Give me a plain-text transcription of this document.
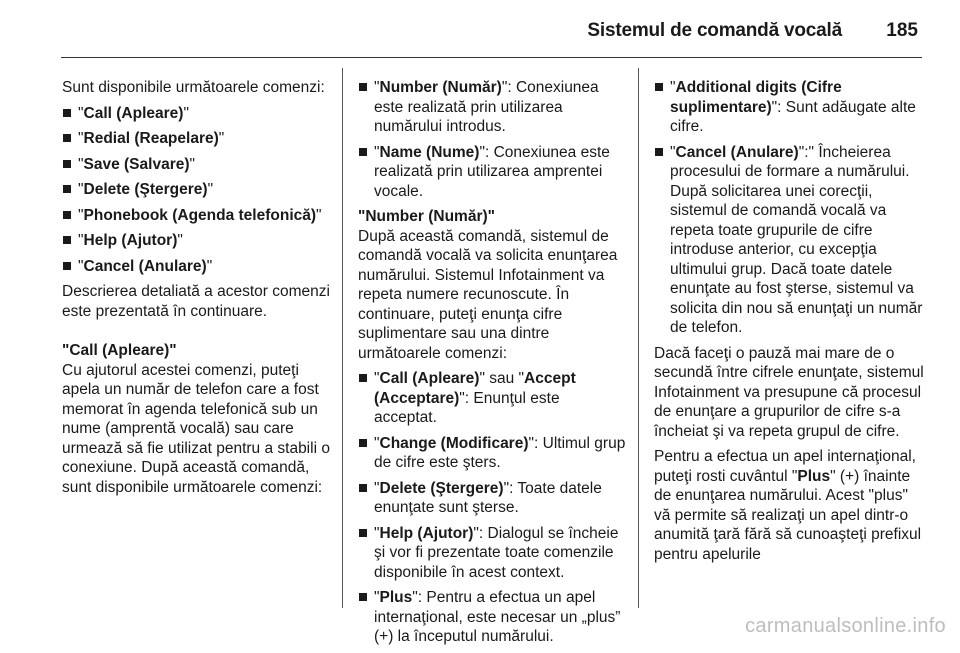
Sistemul de comandă vocală 185

Sunt disponibile următoarele comenzi:

"Call (Apleare)"
"Redial (Reapelare)"
"Save (Salvare)"
"Delete (Ştergere)"
"Phonebook (Agenda telefonică)"
"Help (Ajutor)"
"Cancel (Anulare)"

Descrierea detaliată a acestor comenzi este prezentată în continuare.

"Call (Apleare)"

Cu ajutorul acestei comenzi, puteţi apela un număr de telefon care a fost memorat în agenda telefonică sub un nume (amprentă vocală) sau care urmează să fie utilizat pentru a stabili o conexiune. După această comandă, sunt disponibile următoarele comenzi:

"Number (Număr)": Conexiunea este realizată prin utilizarea numărului introdus.
"Name (Nume)": Conexiunea este realizată prin utilizarea amprentei vocale.

"Number (Număr)"

După această comandă, sistemul de comandă vocală va solicita enunţarea numărului. Sistemul Infotainment va repeta numere recunoscute. În continuare, puteţi enunţa cifre suplimentare sau una dintre următoarele comenzi:

"Call (Apleare)" sau "Accept (Acceptare)": Enunţul este acceptat.
"Change (Modificare)": Ultimul grup de cifre este şters.
"Delete (Ştergere)": Toate datele enunţate sunt şterse.
"Help (Ajutor)": Dialogul se încheie şi vor fi prezentate toate comenzile disponibile în acest context.
"Plus": Pentru a efectua un apel internaţional, este necesar un „plus” (+) la începutul numărului.
"Additional digits (Cifre suplimentare)": Sunt adăugate alte cifre.
"Cancel (Anulare)":" Încheierea procesului de formare a numărului. După solicitarea unei corecţii, sistemul de comandă vocală va repeta toate grupurile de cifre introduse anterior, cu excepţia ultimului grup. Dacă toate datele enunţate au fost şterse, sistemul va solicita din nou să enunţaţi un număr de telefon.

Dacă faceţi o pauză mai mare de o secundă între cifrele enunţate, sistemul Infotainment va presupune că procesul de enunţare a grupurilor de cifre s-a încheiat şi va repeta grupul de cifre.

Pentru a efectua un apel internaţional, puteţi rosti cuvântul "Plus" (+) înainte de enunţarea numărului. Acest "plus" vă permite să realizaţi un apel dintr-o anumită ţară fără să cunoaşteţi prefixul pentru apelurile

carmanualsonline.info
